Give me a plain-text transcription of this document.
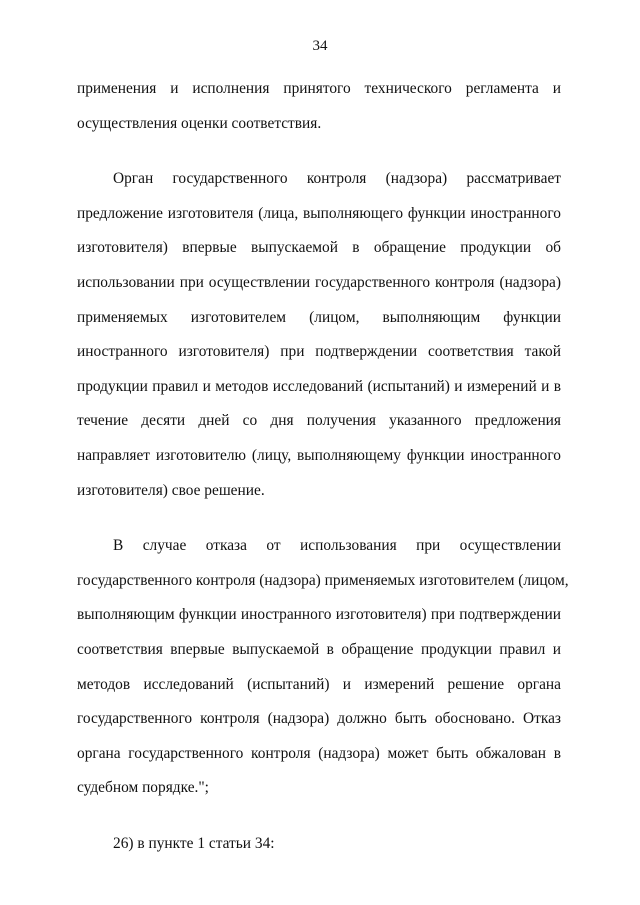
34
применения и исполнения принятого технического регламента и
осуществления оценки соответствия.
Орган государственного контроля (надзора) рассматривает
предложение изготовителя (лица, выполняющего функции иностранного
изготовителя) впервые выпускаемой в обращение продукции об
использовании при осуществлении государственного контроля (надзора)
применяемых изготовителем (лицом, выполняющим функции
иностранного изготовителя) при подтверждении соответствия такой
продукции правил и методов исследований (испытаний) и измерений и в
течение десяти дней со дня получения указанного предложения
направляет изготовителю (лицу, выполняющему функции иностранного
изготовителя) свое решение.
В случае отказа от использования при осуществлении
государственного контроля (надзора) применяемых изготовителем (лицом,
выполняющим функции иностранного изготовителя) при подтверждении
соответствия впервые выпускаемой в обращение продукции правил и
методов исследований (испытаний) и измерений решение органа
государственного контроля (надзора) должно быть обосновано. Отказ
органа государственного контроля (надзора) может быть обжалован в
судебном порядке.";
26) в пункте 1 статьи 34:
